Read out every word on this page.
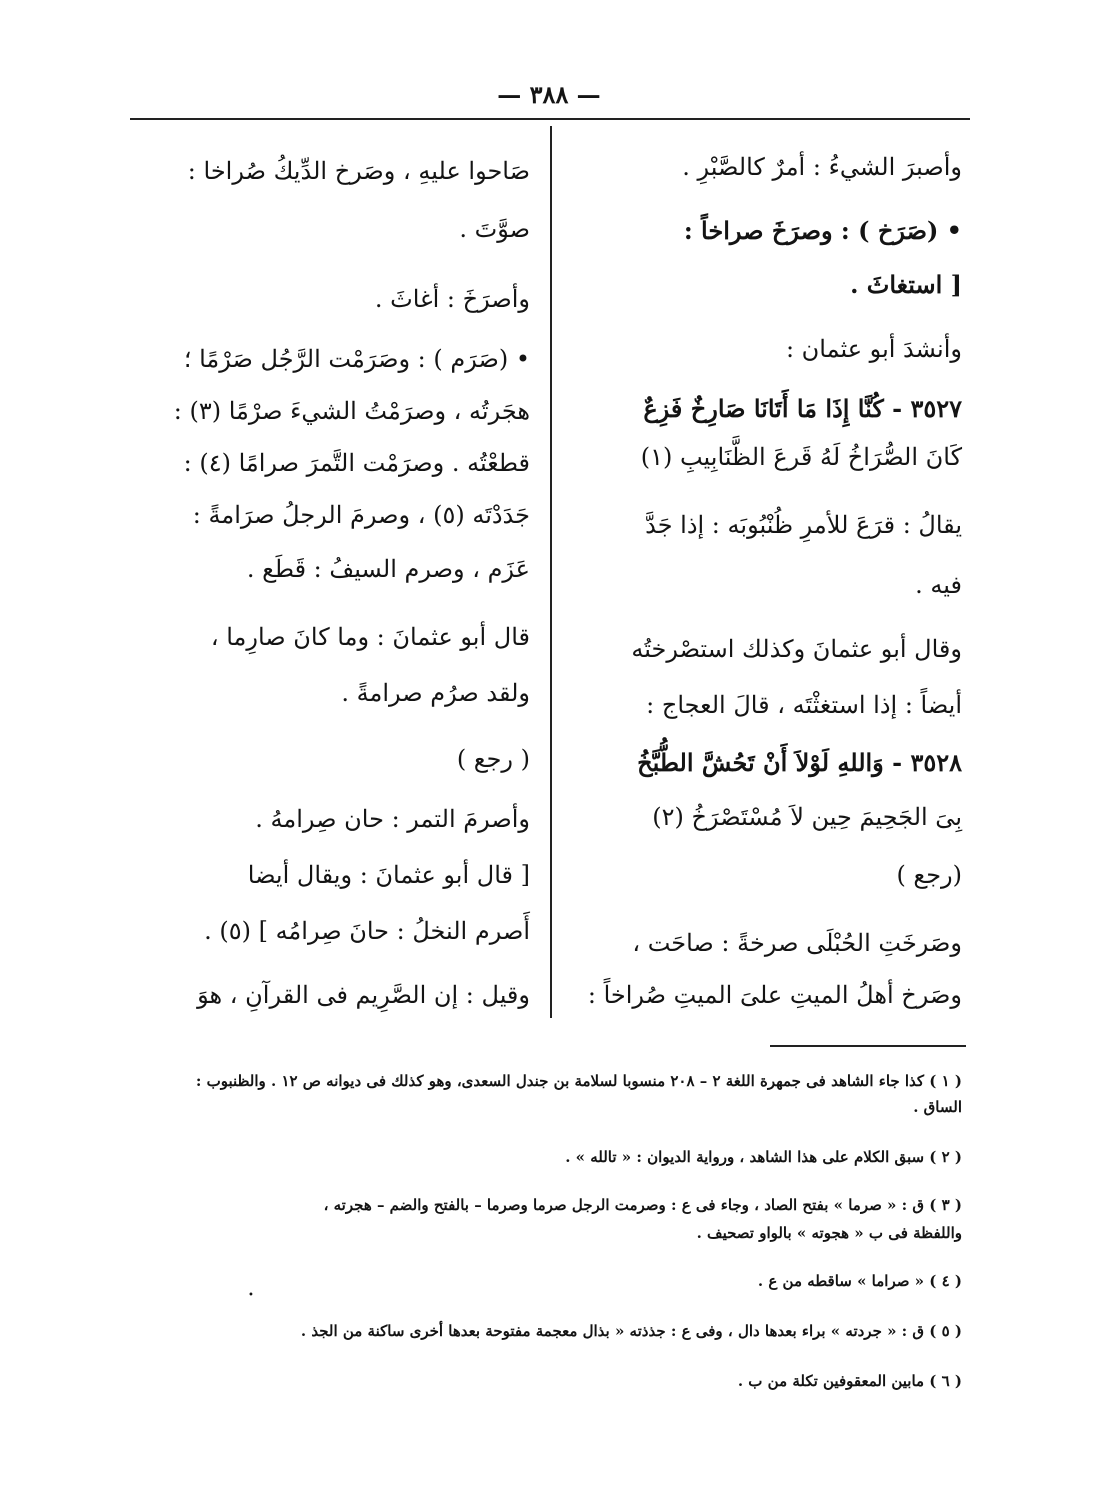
— ٣٨٨ —
وأصبرَ الشيءُ : أمرٌ كالصَّبْرِ .
• (صَرَخ ) : وصرَخَ صراخاً :
[ استغاثَ .
وأنشدَ أبو عثمان :
٣٥٢٧ - كُنَّا إِذَا مَا أَتَانَا صَارِخٌ فَزِعٌ
كَانَ الصُّرَاخُ لَهُ قَرعَ الظَّنَابِيبِ (١)
يقالُ : قرَعَ للأمرِ ظُنْبُوبَه : إذا جَدَّ
فيه .
وقال أبو عثمانَ وكذلك استصْرختُه
أيضاً : إذا استغثْتَه ، قالَ العجاج :
٣٥٢٨ - وَاللهِ لَوْلاَ أَنْ تَحُشَّ الطُّبَّخُ
بِىَ الجَحِيمَ حِين لاَ مُسْتَصْرَخُ (٢)
(رجع )
وصَرخَتِ الحُبْلَى صرخةً : صاحَت ،
وصَرخ أهلُ الميتِ علىَ الميتِ صُراخاً :
صَاحوا عليهِ ، وصَرخ الدِّيكُ صُراخا :
صوَّتَ .
وأصرَخَ : أغاثَ .
• (صَرَم ) : وصَرَمْت الرَّجُل صَرْمًا ؛
هجَرتُه ، وصرَمْتُ الشيءَ صرْمًا (٣) :
قطعْتُه . وصرَمْت التَّمرَ صرامًا (٤) :
جَدَدْتَه (٥) ، وصرمَ الرجلُ صرَامةً :
عَزَم ، وصرم السيفُ : قَطَع .
قال أبو عثمانَ : وما كانَ صارِما ،
ولقد صرُم صرامةً .
( رجع )
وأصرمَ التمر : حان صِرامهُ .
[ قال أبو عثمانَ : ويقال أيضا
أَصرم النخلُ : حانَ صِرامُه ] (٥) .
وقيل : إن الصَّرِيم فى القرآنِ ، هوَ
( ١ ) كذا جاء الشاهد فى جمهرة اللغة ٢ – ٢٠٨ منسوبا لسلامة بن جندل السعدى، وهو كذلك فى ديوانه ص ١٢ . والظنبوب :
الساق .
( ٢ ) سبق الكلام على هذا الشاهد ، ورواية الديوان : « تالله » .
( ٣ ) ق : « صرما » بفتح الصاد ، وجاء فى ع : وصرمت الرجل صرما وصرما – بالفتح والضم – هجرته ،
واللفظة فى ب « هجوته » بالواو تصحيف .
( ٤ ) « صراما » ساقطه من ع .
( ٥ ) ق : « جردته » براء بعدها دال ، وفى ع : جذذته « بذال معجمة مفتوحة بعدها أخرى ساكنة من الجذ .
( ٦ ) مابين المعقوفين تكلة من ب .
•
